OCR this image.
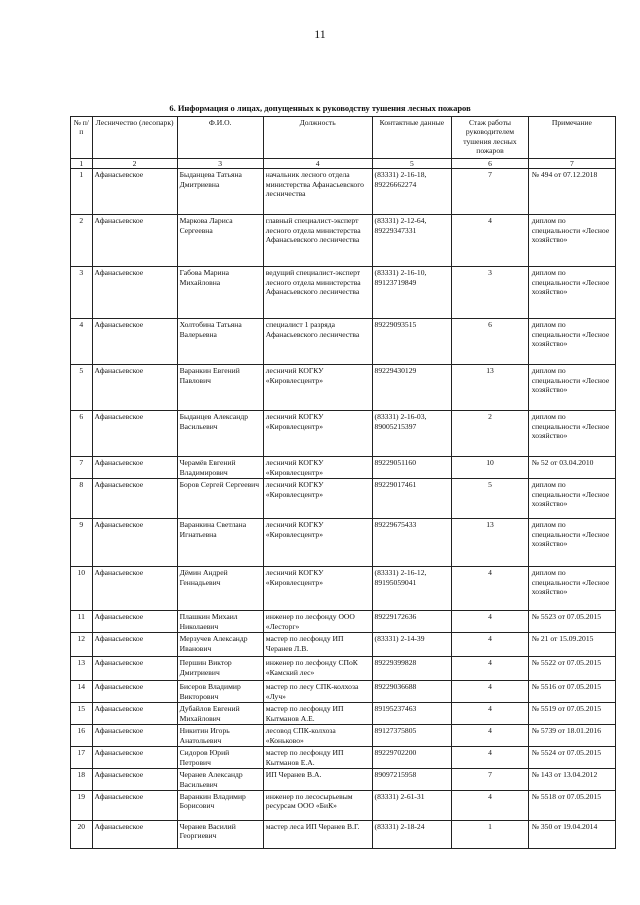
11
6. Информация о лицах, допущенных к руководству тушения лесных пожаров
№ п/п	Лесничество (лесопарк)	Ф.И.О.	Должность	Контактные данные	Стаж работы руководителем тушения лесных пожаров	Примечание
1	2	3	4	5	6	7
1	Афанасьевское	Быданцева Татьяна Дмитриевна	начальник лесного отдела министерства Афанасьевского лесничества	(83331) 2-16-18, 89226662274	7	№ 494 от 07.12.2018
2	Афанасьевское	Маркова Лариса Сергеевна	главный специалист-эксперт лесного отдела министерства Афанасьевского лесничества	(83331) 2-12-64, 89229347331	4	диплом по специальности «Лесное хозяйство»
3	Афанасьевское	Габова Марина Михайловна	ведущий специалист-эксперт лесного отдела министерства Афанасьевского лесничества	(83331) 2-16-10, 89123719849	3	диплом по специальности «Лесное хозяйство»
4	Афанасьевское	Холтобина Татьяна Валерьевна	специалист 1 разряда Афанасьевского лесничества	89229093515	6	диплом по специальности «Лесное хозяйство»
5	Афанасьевское	Варанкин Евгений Павлович	лесничий КОГКУ «Кировлесцентр»	89229430129	13	диплом по специальности «Лесное хозяйство»
6	Афанасьевское	Быданцев Александр Васильевич	лесничий КОГКУ «Кировлесцентр»	(83331) 2-16-03, 89005215397	2	диплом по специальности «Лесное хозяйство»
7	Афанасьевское	Черамёв Евгений Владимирович	лесничий КОГКУ «Кировлесцентр»	89229051160	10	№ 52 от 03.04.2010
8	Афанасьевское	Боров Сергей Сергеевич	лесничий КОГКУ «Кировлесцентр»	89229017461	5	диплом по специальности «Лесное хозяйство»
9	Афанасьевское	Варанкина Светлана Игнатьевна	лесничий КОГКУ «Кировлесцентр»	89229675433	13	диплом по специальности «Лесное хозяйство»
10	Афанасьевское	Дёмин Андрей Геннадьевич	лесничий КОГКУ «Кировлесцентр»	(83331) 2-16-12, 89195059041	4	диплом по специальности «Лесное хозяйство»
11	Афанасьевское	Плашкин Михаил Николаевич	инженер по лесфонду ООО «Лесторг»	89229172636	4	№ 5523 от 07.05.2015
12	Афанасьевское	Мерзучев Александр Иванович	мастер по лесфонду ИП Черанев Л.В.	(83331) 2-14-39	4	№ 21 от 15.09.2015
13	Афанасьевское	Першин Виктор Дмитриевич	инженер по лесфонду СПоК «Камский лес»	89229399828	4	№ 5522 от 07.05.2015
14	Афанасьевское	Бисеров Владимир Викторович	мастер по лесу СПК-колхоза «Луч»	89229036688	4	№ 5516 от 07.05.2015
15	Афанасьевское	Дубайлов Евгений Михайлович	мастер по лесфонду ИП Кытманов А.Е.	89195237463	4	№ 5519 от 07.05.2015
16	Афанасьевское	Никитин Игорь Анатольевич	лесовод СПК-колхоза «Коньково»	89127375805	4	№ 5739 от 18.01.2016
17	Афанасьевское	Сидоров Юрий Петрович	мастер по лесфонду ИП Кытманов Е.А.	89229702200	4	№ 5524 от 07.05.2015
18	Афанасьевское	Черанев Александр Васильевич	ИП Черанев В.А.	89097215958	7	№ 143 от 13.04.2012
19	Афанасьевское	Варанкин Владимир Борисович	инженер по лесосырьевым ресурсам ООО «БиК»	(83331) 2-61-31	4	№ 5518 от 07.05.2015
20	Афанасьевское	Черанев Василий Георгиевич	мастер леса ИП Черанев В.Г.	(83331) 2-18-24	1	№ 350 от 19.04.2014
